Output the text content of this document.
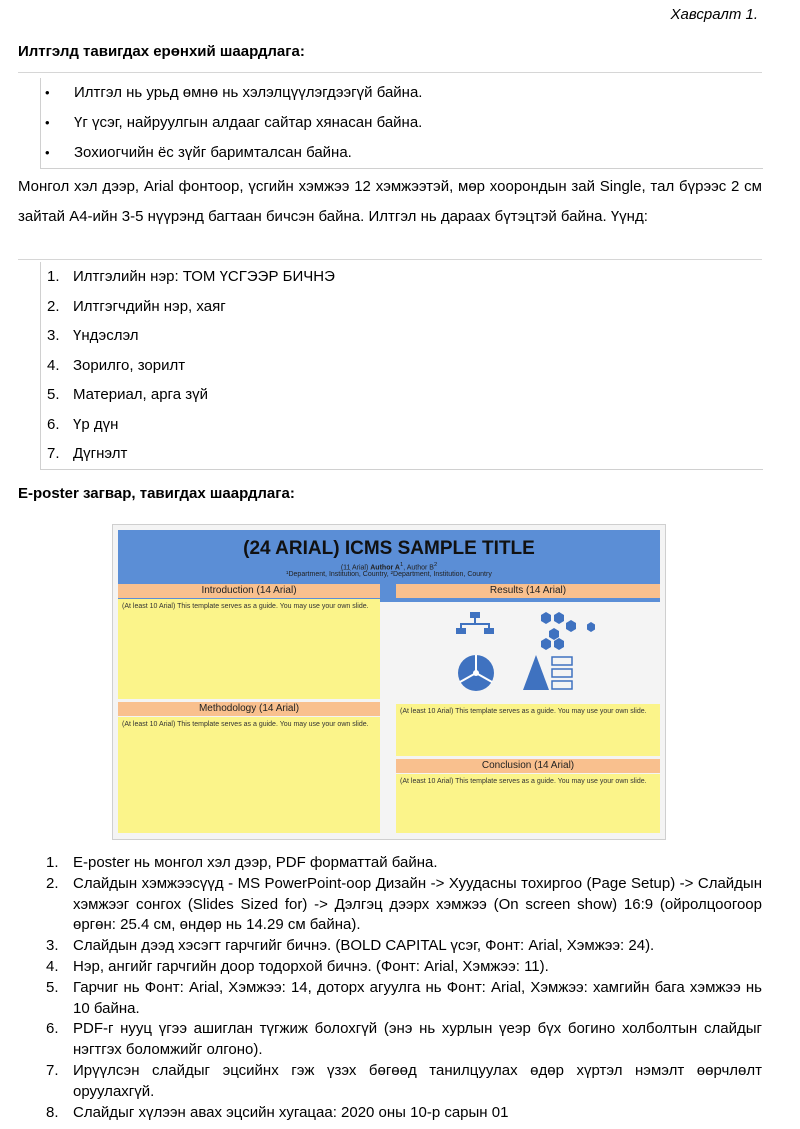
Хавсралт 1.
Илтгэлд тавигдах ерөнхий шаардлага:
• Илтгэл нь урьд өмнө нь хэлэлцүүлэгдээгүй байна.
• Үг үсэг, найруулгын алдааг сайтар хянасан байна.
• Зохиогчийн ёс зүйг баримталсан байна.
Монгол хэл дээр, Arial фонтоор, үсгийн хэмжээ 12 хэмжээтэй, мөр хоорондын зай Single, тал бүрээс 2 см зайтай А4-ийн 3-5 нүүрэнд багтаан бичсэн байна. Илтгэл нь дараах бүтэцтэй байна. Үүнд:
1. Илтгэлийн нэр: ТОМ ҮСГЭЭР БИЧНЭ
2. Илтгэгчдийн нэр, хаяг
3. Үндэслэл
4. Зорилго, зорилт
5. Материал, арга зүй
6. Үр дүн
7. Дүгнэлт
E-poster загвар, тавигдах шаардлага:
(24 ARIAL) ICMS SAMPLE TITLE
(11 Arial) Author $A^1$, Author $B^2$
¹Department, Institution, Country, ²Department, Institution, Country
Introduction (14 Arial)
(At least 10 Arial) This template serves as a guide. You may use your own slide.
Results (14 Arial)
Methodology (14 Arial)
(At least 10 Arial) This template serves as a guide. You may use your own slide.
(At least 10 Arial) This template serves as a guide. You may use your own slide.
Conclusion (14 Arial)
(At least 10 Arial) This template serves as a guide. You may use your own slide.
1. E-poster нь монгол хэл дээр, PDF форматтай байна.
2. Слайдын хэмжээсүүд - MS PowerPoint-оор Дизайн -> Хуудасны тохиргоо (Page Setup) -> Слайдын хэмжээг сонгох (Slides Sized for) -> Дэлгэц дээрх хэмжээ (On screen show) 16:9 (ойролцоогоор өргөн: 25.4 см, өндөр нь 14.29 см байна).
3. Слайдын дээд хэсэгт гарчгийг бичнэ. (BOLD CAPITAL үсэг, Фонт: Arial, Хэмжээ: 24).
4. Нэр, ангийг гарчгийн доор тодорхой бичнэ. (Фонт: Arial, Хэмжээ: 11).
5. Гарчиг нь Фонт: Arial, Хэмжээ: 14, доторх агуулга нь Фонт: Arial, Хэмжээ: хамгийн бага хэмжээ нь 10 байна.
6. PDF-г нууц үгээ ашиглан түгжиж болохгүй (энэ нь хурлын үеэр бүх богино холболтын слайдыг нэгтгэх боломжийг олгоно).
7. Ирүүлсэн слайдыг эцсийнх гэж үзэх бөгөөд танилцуулах өдөр хүртэл нэмэлт өөрчлөлт оруулахгүй.
8. Слайдыг хүлээн авах эцсийн хугацаа: 2020 оны 10-р сарын 01
